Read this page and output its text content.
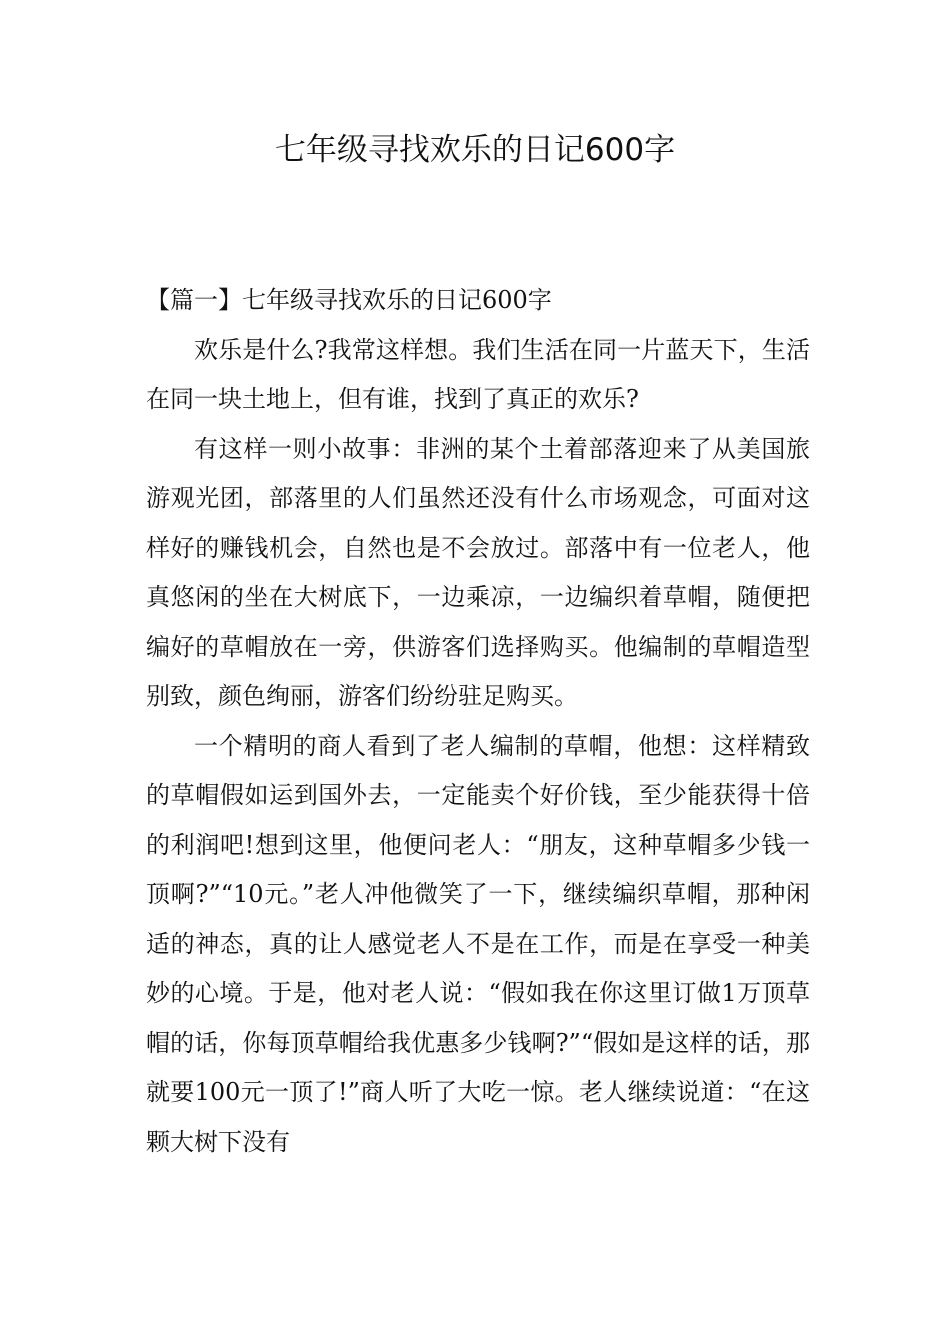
七年级寻找欢乐的日记600字
【篇一】七年级寻找欢乐的日记600字

欢乐是什么?我常这样想。我们生活在同一片蓝天下，生活在同一块土地上，但有谁，找到了真正的欢乐?

有这样一则小故事：非洲的某个土着部落迎来了从美国旅游观光团，部落里的人们虽然还没有什么市场观念，可面对这样好的赚钱机会，自然也是不会放过。部落中有一位老人，他真悠闲的坐在大树底下，一边乘凉，一边编织着草帽，随便把编好的草帽放在一旁，供游客们选择购买。他编制的草帽造型别致，颜色绚丽，游客们纷纷驻足购买。

一个精明的商人看到了老人编制的草帽，他想：这样精致的草帽假如运到国外去，一定能卖个好价钱，至少能获得十倍的利润吧!想到这里，他便问老人：“朋友，这种草帽多少钱一顶啊?”“10元。”老人冲他微笑了一下，继续编织草帽，那种闲适的神态，真的让人感觉老人不是在工作，而是在享受一种美妙的心境。于是，他对老人说：“假如我在你这里订做1万顶草帽的话，你每顶草帽给我优惠多少钱啊?”“假如是这样的话，那就要100元一顶了!”商人听了大吃一惊。老人继续说道：“在这颗大树下没有
